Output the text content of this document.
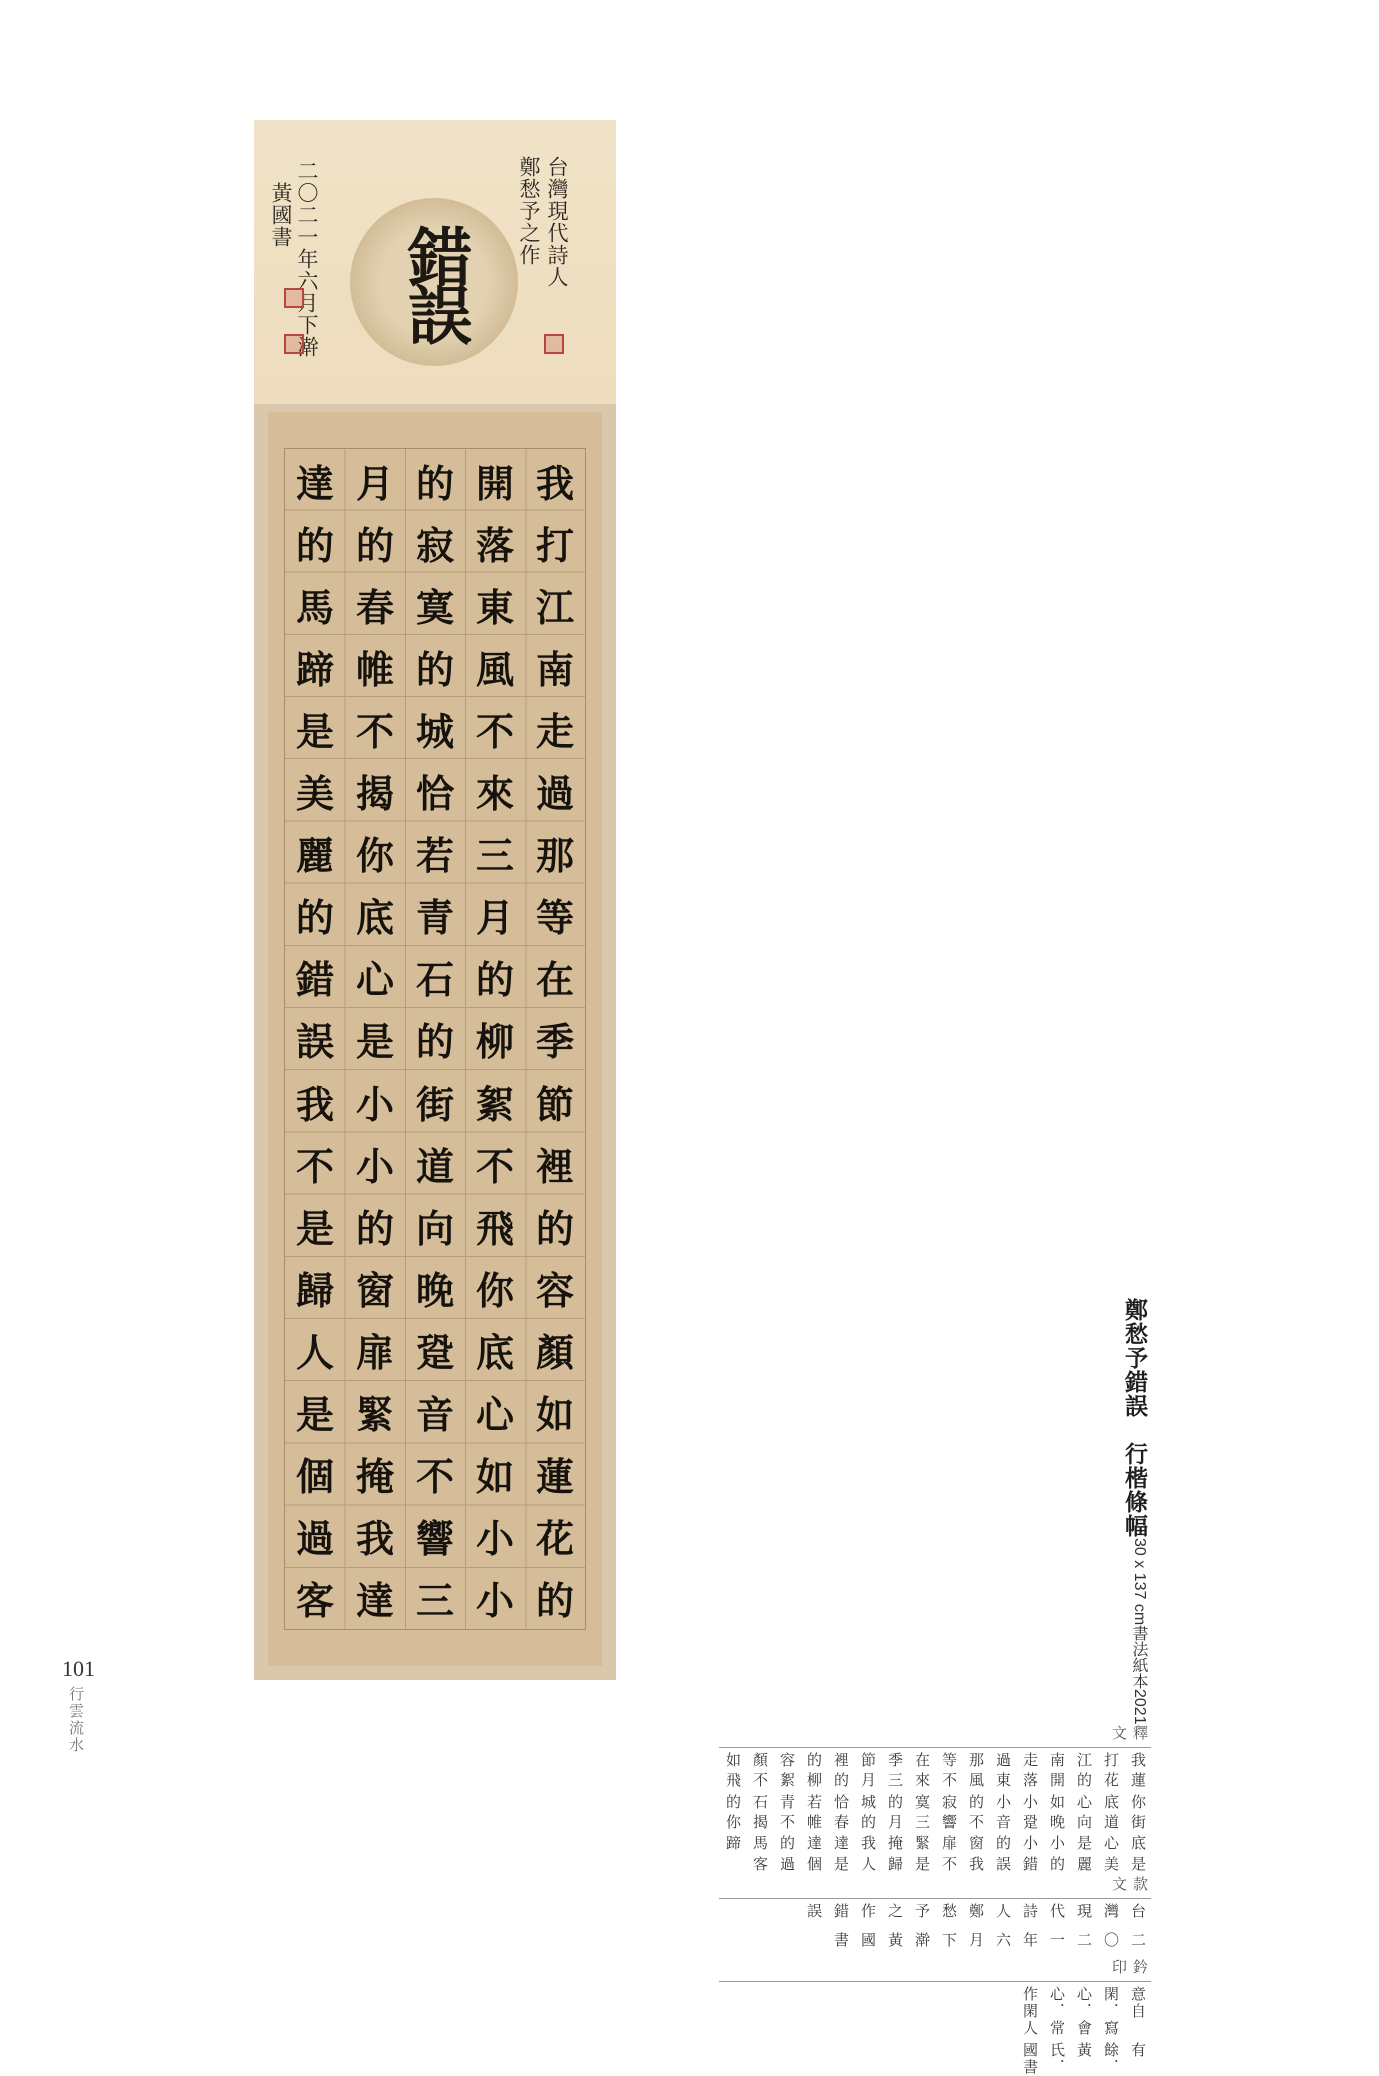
台灣現代詩人
鄭愁予之作
錯
誤
二〇二一年六月下澣
黃國書
達 月 的 開 我
的 的 寂 落 打
馬 春 寞 東 江
蹄 帷 的 風 南
是 不 城 不 走
美 揭 恰 來 過
麗 你 若 三 那
的 底 青 月 等
錯 心 石 的 在
誤 是 的 柳 季
我 小 街 絮 節
不 小 道 不 裡
是 的 向 飛 的
歸 窗 晚 你 容
人 扉 跫 底 顏
是 緊 音 心 如
個 掩 不 如 蓮
過 我 響 小 花
客 達 三 小 的
101
行雲流水
鄭愁予錯誤　行楷條幅
30 x 137 cm
書法紙本
2021
釋文
我打江南走過那等在季節裡的容顏如
蓮花的開落東風不來 三月的柳絮不飛
你底心如小小的寂寞的城恰若青石的
街道向晚跫音不響 三月的春帷不揭你
底心是小小的窗扉緊掩我達達的馬蹄
是美麗的錯誤我不是歸人 是個過客
款文
台灣現代詩人鄭愁予之作 錯誤
二〇二一年六月下澣 黃國書
鈐印
意自閑．寫心．會心．常作閑人
有餘．黃氏．國書
